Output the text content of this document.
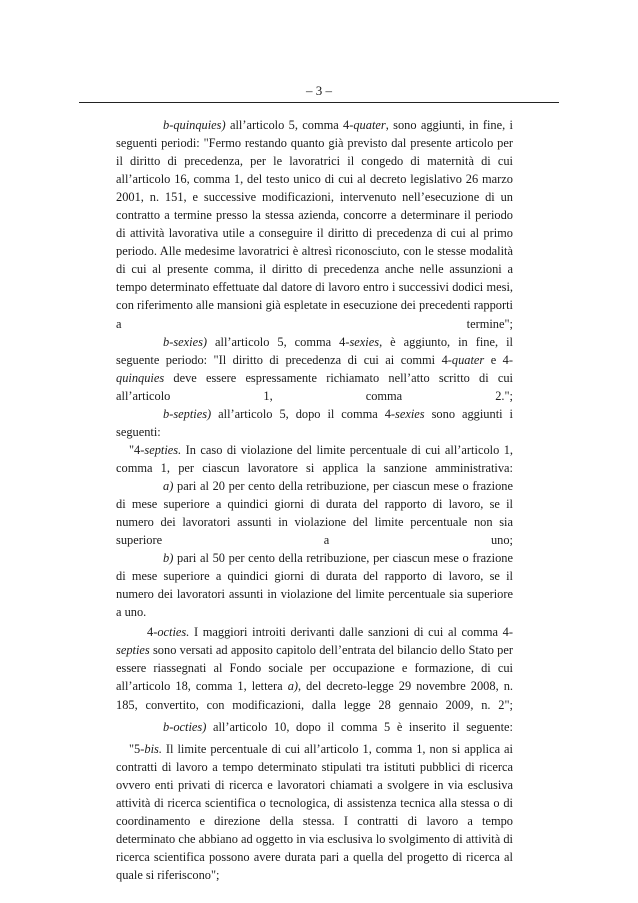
– 3 –

b-quinquies) all’articolo 5, comma 4-quater, sono aggiunti, in fine, i seguenti periodi: "Fermo restando quanto già previsto dal presente articolo per il diritto di precedenza, per le lavoratrici il congedo di maternità di cui all’articolo 16, comma 1, del testo unico di cui al decreto legislativo 26 marzo 2001, n. 151, e successive modificazioni, intervenuto nell’esecuzione di un contratto a termine presso la stessa azienda, concorre a determinare il periodo di attività lavorativa utile a conseguire il diritto di precedenza di cui al primo periodo. Alle medesime lavoratrici è altresì riconosciuto, con le stesse modalità di cui al presente comma, il diritto di precedenza anche nelle assunzioni a tempo determinato effettuate dal datore di lavoro entro i successivi dodici mesi, con riferimento alle mansioni già espletate in esecuzione dei precedenti rapporti a termine";

b-sexies) all’articolo 5, comma 4-sexies, è aggiunto, in fine, il seguente periodo: "Il diritto di precedenza di cui ai commi 4-quater e 4-quinquies deve essere espressamente richiamato nell’atto scritto di cui all’articolo 1, comma 2.";

b-septies) all’articolo 5, dopo il comma 4-sexies sono aggiunti i seguenti:

"4-septies. In caso di violazione del limite percentuale di cui all’articolo 1, comma 1, per ciascun lavoratore si applica la sanzione amministrativa:

a) pari al 20 per cento della retribuzione, per ciascun mese o frazione di mese superiore a quindici giorni di durata del rapporto di lavoro, se il numero dei lavoratori assunti in violazione del limite percentuale non sia superiore a uno;

b) pari al 50 per cento della retribuzione, per ciascun mese o frazione di mese superiore a quindici giorni di durata del rapporto di lavoro, se il numero dei lavoratori assunti in violazione del limite percentuale sia superiore a uno.

4-octies. I maggiori introiti derivanti dalle sanzioni di cui al comma 4-septies sono versati ad apposito capitolo dell’entrata del bilancio dello Stato per essere riassegnati al Fondo sociale per occupazione e formazione, di cui all’articolo 18, comma 1, lettera a), del decreto-legge 29 novembre 2008, n. 185, convertito, con modificazioni, dalla legge 28 gennaio 2009, n. 2";

b-octies) all’articolo 10, dopo il comma 5 è inserito il seguente:

"5-bis. Il limite percentuale di cui all’articolo 1, comma 1, non si applica ai contratti di lavoro a tempo determinato stipulati tra istituti pubblici di ricerca ovvero enti privati di ricerca e lavoratori chiamati a svolgere in via esclusiva attività di ricerca scientifica o tecnologica, di assistenza tecnica alla stessa o di coordinamento e direzione della stessa. I contratti di lavoro a tempo determinato che abbiano ad oggetto in via esclusiva lo svolgimento di attività di ricerca scientifica possono avere durata pari a quella del progetto di ricerca al quale si riferiscono";
